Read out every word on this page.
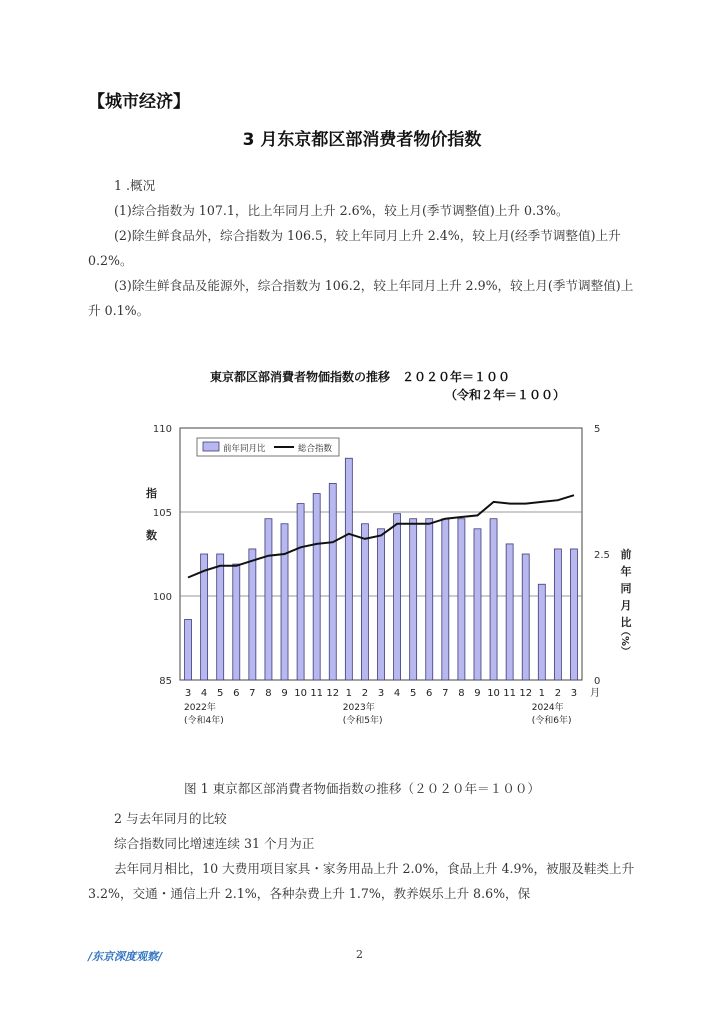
【城市经济】
3 月东京都区部消费者物价指数
1 .概况
(1)综合指数为 107.1，比上年同月上升 2.6%，较上月(季节调整值)上升 0.3%。
(2)除生鲜食品外，综合指数为 106.5，较上年同月上升 2.4%，较上月(经季节调整值)上升 0.2%。
(3)除生鲜食品及能源外，综合指数为 106.2，较上年同月上升 2.9%，较上月(季节调整值)上升 0.1%。
東京都区部消費者物価指数の推移　２０２０年＝１００
（令和２年＝１００）
110
105
100
85
5
2.5
0
指
数
前
年
同
月
比
（%）
3 4 5 6 7 8 9 10 11 12 1 2 3 4 5 6 7 8 9 10 11 12 1 2 3 月
2022年
(令和4年)
2023年
(令和5年)
2024年
(令和6年)
前年同月比	総合指数
图 1 東京都区部消費者物価指数の推移（２０２０年＝１００）
2 与去年同月的比较
综合指数同比增速连续 31 个月为正
去年同月相比，10 大费用项目家具・家务用品上升 2.0%，食品上升 4.9%，被服及鞋类上升 3.2%，交通・通信上升 2.1%，各种杂费上升 1.7%，教养娱乐上升 8.6%，保
/东京深度观察/	2
